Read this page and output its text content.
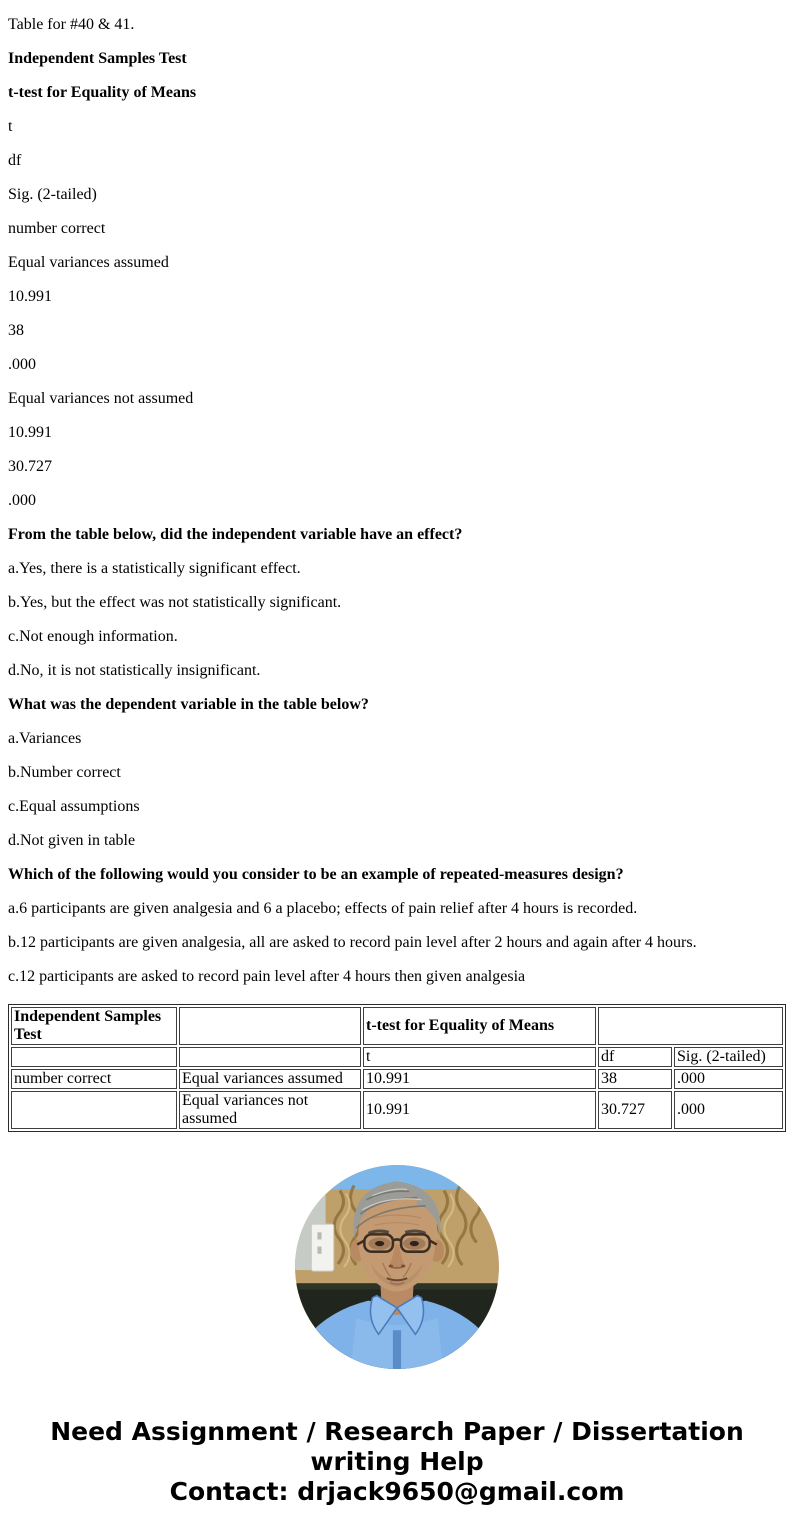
Table for #40 & 41.

Independent Samples Test

t-test for Equality of Means

t

df

Sig. (2-tailed)

number correct

Equal variances assumed

10.991

38

.000

Equal variances not assumed

10.991

30.727

.000

From the table below, did the independent variable have an effect?

a.Yes, there is a statistically significant effect.

b.Yes, but the effect was not statistically significant.

c.Not enough information.

d.No, it is not statistically insignificant.

What was the dependent variable in the table below?

a.Variances

b.Number correct

c.Equal assumptions

d.Not given in table

Which of the following would you consider to be an example of repeated-measures design?

a.6 participants are given analgesia and 6 a placebo; effects of pain relief after 4 hours is recorded.

b.12 participants are given analgesia, all are asked to record pain level after 2 hours and again after 4 hours.

c.12 participants are asked to record pain level after 4 hours then given analgesia

Independent Samples Test		t-test for Equality of Means		
		t	df	Sig. (2-tailed)
number correct	Equal variances assumed	10.991	38	.000
	Equal variances not assumed	10.991	30.727	.000
Need Assignment / Research Paper / Dissertation
writing Help
Contact: drjack9650@gmail.com
